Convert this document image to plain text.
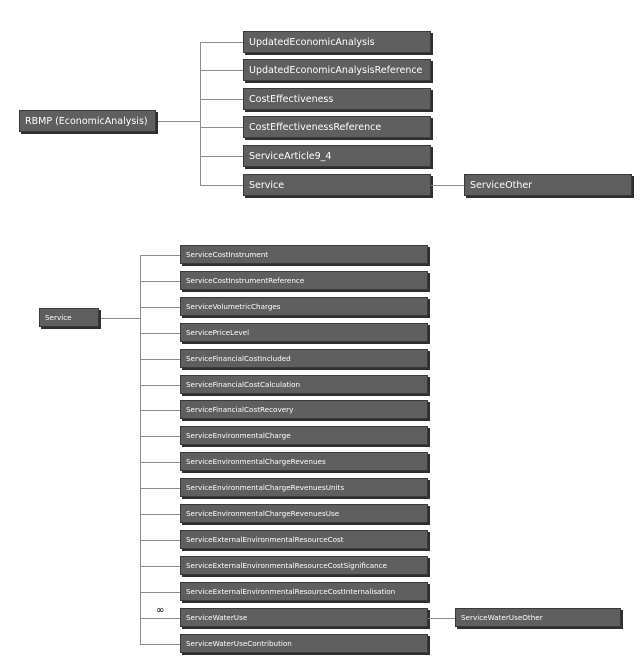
RBMP (EconomicAnalysis)
UpdatedEconomicAnalysis
UpdatedEconomicAnalysisReference
CostEffectiveness
CostEffectivenessReference
ServiceArticle9_4
Service	ServiceOther
Service
ServiceCostInstrument
ServiceCostInstrumentReference
ServiceVolumetricCharges
ServicePriceLevel
ServiceFinancialCostIncluded
ServiceFinancialCostCalculation
ServiceFinancialCostRecovery
ServiceEnvironmentalCharge
ServiceEnvironmentalChargeRevenues
ServiceEnvironmentalChargeRevenuesUnits
ServiceEnvironmentalChargeRevenuesUse
ServiceExternalEnvironmentalResourceCost
ServiceExternalEnvironmentalResourceCostSignificance
ServiceExternalEnvironmentalResourceCostInternalisation
ServiceWaterUse
ServiceWaterUseContribution
ServiceWaterUseOther
∞
